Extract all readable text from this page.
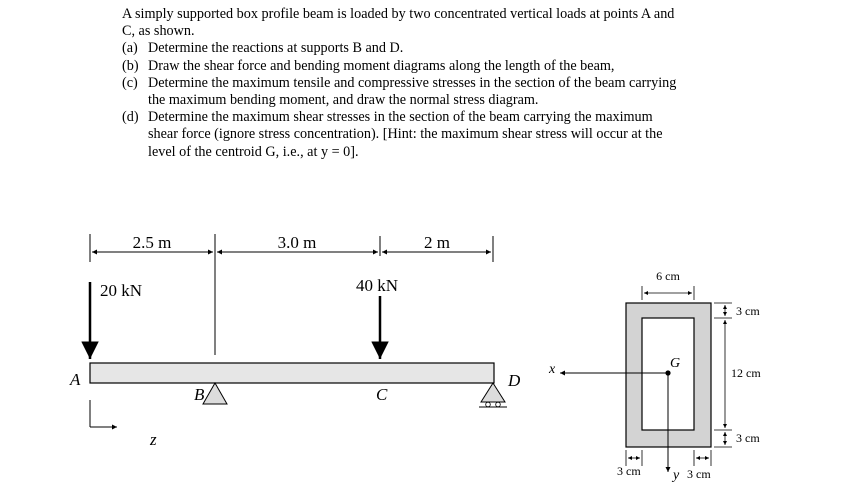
A simply supported box profile beam is loaded by two concentrated vertical loads at points A and

C, as shown.

(a) Determine the reactions at supports B and D.
(b) Draw the shear force and bending moment diagrams along the length of the beam,
(c) Determine the maximum tensile and compressive stresses in the section of the beam carrying

the maximum bending moment, and draw the normal stress diagram.

(d) Determine the maximum shear stresses in the section of the beam carrying the maximum

shear force (ignore stress concentration). [Hint: the maximum shear stress will occur at the

level of the centroid G, i.e., at y = 0].

2.5 m	3.0 m	2 m
20 kN	40 kN
A
B	C
D
z
6 cm
3 cm
12 cm
3 cm
3 cm	3 cm
G
x
y
